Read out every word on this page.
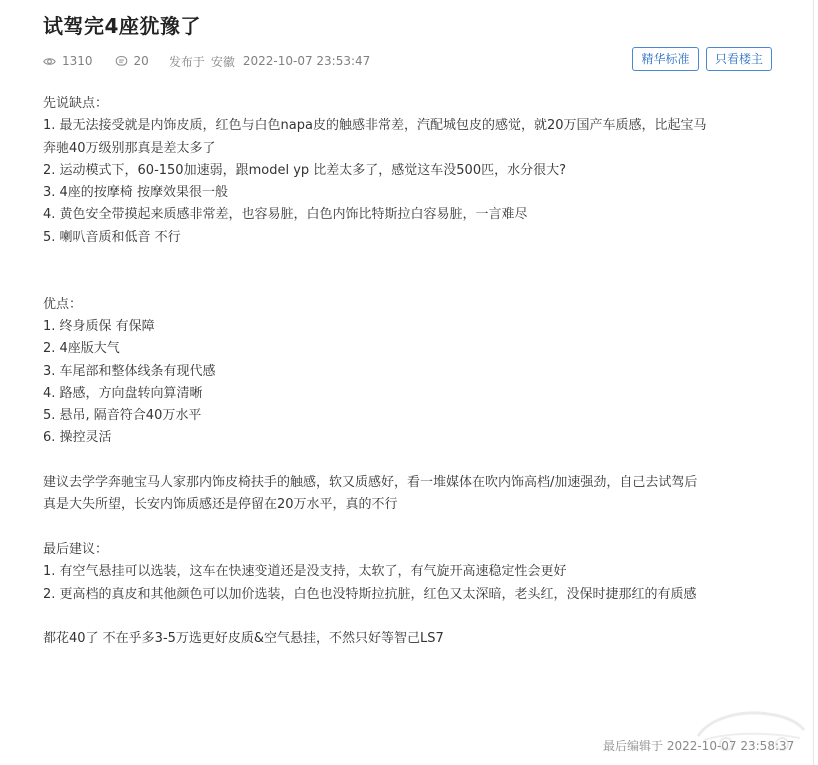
试驾完4座犹豫了
1310	20 发布于 安徽 2022-10-07 23:53:47	精华标准	只看楼主

先说缺点：

1. 最无法接受就是内饰皮质，红色与白色napa皮的触感非常差，汽配城包皮的感觉，就20万国产车质感，比起宝马

奔驰40万级别那真是差太多了

2. 运动模式下，60-150加速弱，跟model yp 比差太多了，感觉这车没500匹，水分很大?

3. 4座的按摩椅 按摩效果很一般

4. 黄色安全带摸起来质感非常差，也容易脏，白色内饰比特斯拉白容易脏，一言难尽

5. 喇叭音质和低音 不行

优点：

1. 终身质保 有保障

2. 4座版大气

3. 车尾部和整体线条有现代感

4. 路感，方向盘转向算清晰

5. 悬吊, 隔音符合40万水平

6. 操控灵活

建议去学学奔驰宝马人家那内饰皮椅扶手的触感，软又质感好，看一堆媒体在吹内饰高档/加速强劲，自己去试驾后

真是大失所望，长安内饰质感还是停留在20万水平，真的不行

最后建议：

1. 有空气悬挂可以选装，这车在快速变道还是没支持，太软了，有气旋开高速稳定性会更好

2. 更高档的真皮和其他颜色可以加价选装，白色也没特斯拉抗脏，红色又太深暗，老头红，没保时捷那红的有质感

都花40了 不在乎多3-5万选更好皮质&空气悬挂，不然只好等智己LS7

最后编辑于 2022-10-07 23:58:37
